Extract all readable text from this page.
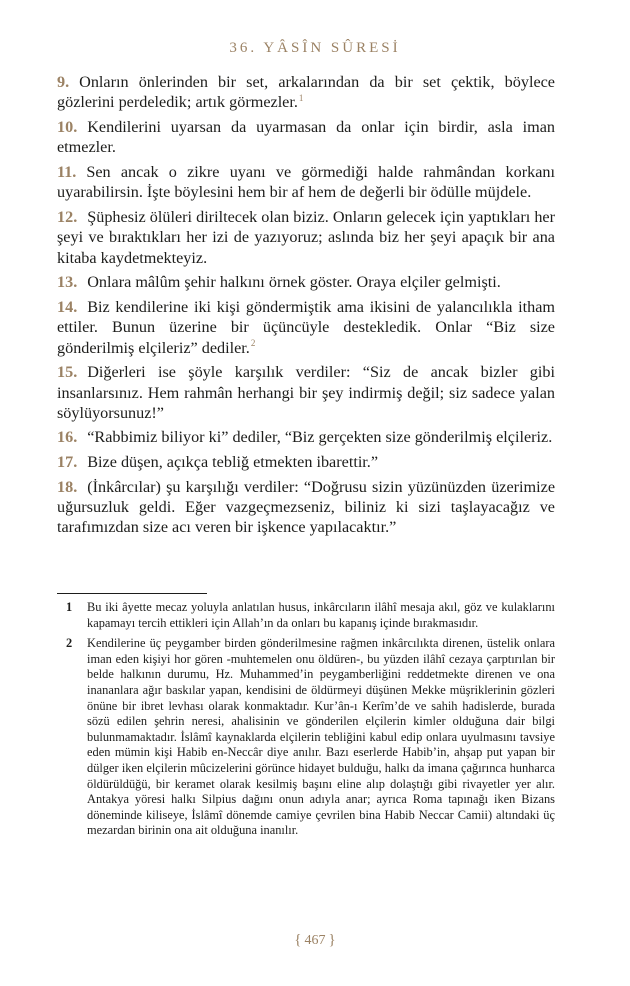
36. YÂSÎN SÛRESİ

9. Onların önlerinden bir set, arkalarından da bir set çektik, böylece gözlerini perdeledik; artık görmezler.$^1$

10. Kendilerini uyarsan da uyarmasan da onlar için birdir, asla iman etmezler.

11. Sen ancak o zikre uyanı ve görmediği halde rahmândan korkanı uyarabilirsin. İşte böylesini hem bir af hem de değerli bir ödülle müjdele.

12. Şüphesiz ölüleri diriltecek olan biziz. Onların gelecek için yaptıkları her şeyi ve bıraktıkları her izi de yazıyoruz; aslında biz her şeyi apaçık bir ana kitaba kaydetmekteyiz.

13. Onlara mâlûm şehir halkını örnek göster. Oraya elçiler gelmişti.

14. Biz kendilerine iki kişi göndermiştik ama ikisini de yalancılıkla itham ettiler. Bunun üzerine bir üçüncüyle destekledik. Onlar “Biz size gönderilmiş elçileriz” dediler.$^2$

15. Diğerleri ise şöyle karşılık verdiler: “Siz de ancak bizler gibi insanlarsınız. Hem rahmân herhangi bir şey indirmiş değil; siz sadece yalan söylüyorsunuz!”

16. “Rabbimiz biliyor ki” dediler, “Biz gerçekten size gönderilmiş elçileriz.

17. Bize düşen, açıkça tebliğ etmekten ibarettir.”

18. (İnkârcılar) şu karşılığı verdiler: “Doğrusu sizin yüzünüzden üzerimize uğursuzluk geldi. Eğer vazgeçmezseniz, biliniz ki sizi taşlayacağız ve tarafımızdan size acı veren bir işkence yapılacaktır.”

1 Bu iki âyette mecaz yoluyla anlatılan husus, inkârcıların ilâhî mesaja akıl, göz ve kulaklarını kapamayı tercih ettikleri için Allah’ın da onları bu kapanış içinde bırakmasıdır.
2 Kendilerine üç peygamber birden gönderilmesine rağmen inkârcılıkta direnen, üstelik onlara iman eden kişiyi hor gören -muhtemelen onu öldüren-, bu yüzden ilâhî cezaya çarptırılan bir belde halkının durumu, Hz. Muhammed’in peygamberliğini reddetmekte direnen ve ona inananlara ağır baskılar yapan, kendisini de öldürmeyi düşünen Mekke müşriklerinin gözleri önüne bir ibret levhası olarak konmaktadır. Kur’ân-ı Kerîm’de ve sahih hadislerde, burada sözü edilen şehrin neresi, ahalisinin ve gönderilen elçilerin kimler olduğuna dair bilgi bulunmamaktadır. İslâmî kaynaklarda elçilerin tebliğini kabul edip onlara uyulmasını tavsiye eden mümin kişi Habib en-Neccâr diye anılır. Bazı eserlerde Habib’in, ahşap put yapan bir dülger iken elçilerin mûcizelerini görünce hidayet bulduğu, halkı da imana çağırınca hunharca öldürüldüğü, bir keramet olarak kesilmiş başını eline alıp dolaştığı gibi rivayetler yer alır. Antakya yöresi halkı Silpius dağını onun adıyla anar; ayrıca Roma tapınağı iken Bizans döneminde kiliseye, İslâmî dönemde camiye çevrilen bina Habib Neccar Camii) altındaki üç mezardan birinin ona ait olduğuna inanılır.
{ 467 }
